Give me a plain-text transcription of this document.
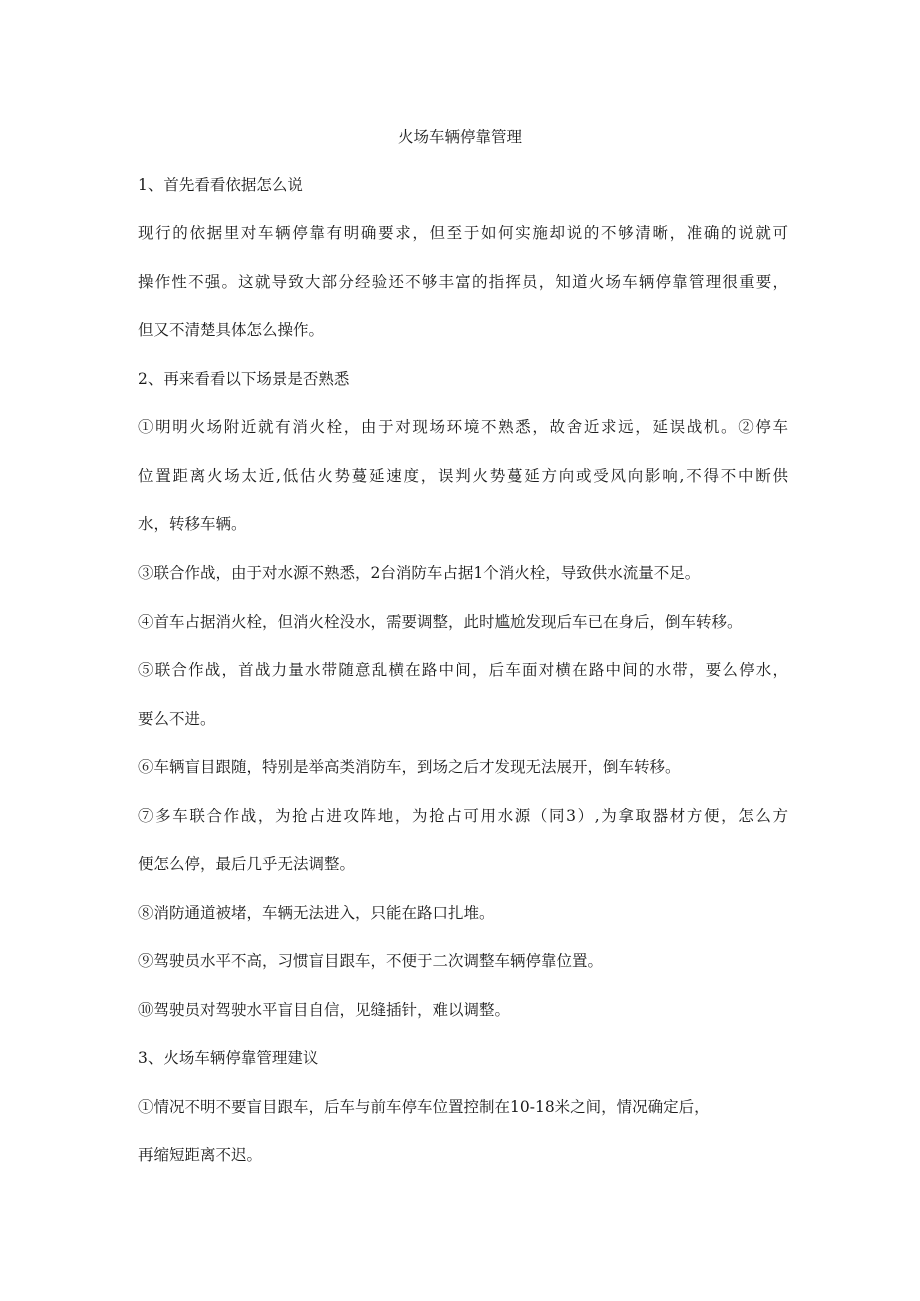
火场车辆停靠管理
1、首先看看依据怎么说
现行的依据里对车辆停靠有明确要求，但至于如何实施却说的不够清晰，准确的说就可
操作性不强。这就导致大部分经验还不够丰富的指挥员，知道火场车辆停靠管理很重要，
但又不清楚具体怎么操作。
2、再来看看以下场景是否熟悉
①明明火场附近就有消火栓，由于对现场环境不熟悉，故舍近求远，延误战机。②停车
位置距离火场太近,低估火势蔓延速度，误判火势蔓延方向或受风向影响,不得不中断供
水，转移车辆。
③联合作战，由于对水源不熟悉，2台消防车占据1个消火栓，导致供水流量不足。
④首车占据消火栓，但消火栓没水，需要调整，此时尴尬发现后车已在身后，倒车转移。
⑤联合作战，首战力量水带随意乱横在路中间，后车面对横在路中间的水带，要么停水，
要么不进。
⑥车辆盲目跟随，特别是举高类消防车，到场之后才发现无法展开，倒车转移。
⑦多车联合作战，为抢占进攻阵地，为抢占可用水源（同3）,为拿取器材方便，怎么方
便怎么停，最后几乎无法调整。
⑧消防通道被堵，车辆无法进入，只能在路口扎堆。
⑨驾驶员水平不高，习惯盲目跟车，不便于二次调整车辆停靠位置。
⑩驾驶员对驾驶水平盲目自信，见缝插针，难以调整。
3、火场车辆停靠管理建议
①情况不明不要盲目跟车，后车与前车停车位置控制在10-18米之间，情况确定后，
再缩短距离不迟。
